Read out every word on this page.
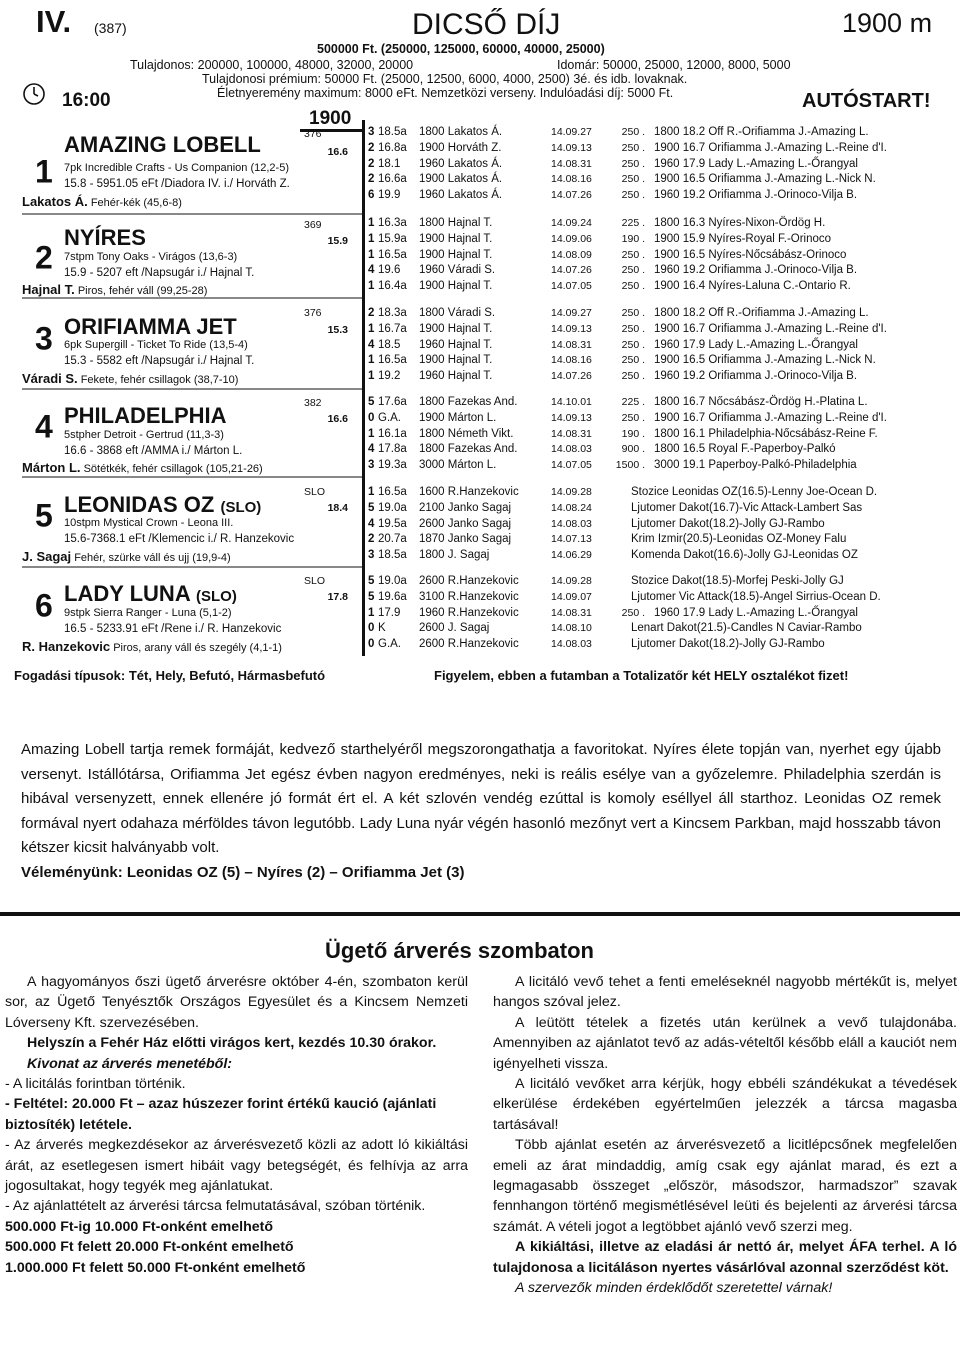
IV. (387)	DICSŐ DÍJ	1900 m
500000 Ft. (250000, 125000, 60000, 40000, 25000)
Tulajdonos: 200000, 100000, 48000, 32000, 20000	Idomár: 50000, 25000, 12000, 8000, 5000
Tulajdonosi prémium: 50000 Ft. (25000, 12500, 6000, 4000, 2500) 3é. és idb. lovaknak.
Életnyeremény maximum: 8000 eFt. Nemzetközi verseny. Indulóadási díj: 5000 Ft.
16:00	AUTÓSTART!
1900
1
376
AMAZING LOBELL	16.6
7pk Incredible Crafts - Us Companion (12,2-5)
15.8 - 5951.05 eFt /Diadora IV. i./ Horváth Z.
Lakatos Á. Fehér-kék (45,6-8)
2
369
NYÍRES	15.9
7stpm Tony Oaks - Virágos (13,6-3)
15.9 - 5207 eft /Napsugár i./ Hajnal T.
Hajnal T. Piros, fehér váll (99,25-28)
3
376
ORIFIAMMA JET	15.3
6pk Supergill - Ticket To Ride (13,5-4)
15.3 - 5582 eft /Napsugár i./ Hajnal T.
Váradi S. Fekete, fehér csillagok (38,7-10)
4
382
PHILADELPHIA	16.6
5stpher Detroit - Gertrud (11,3-3)
16.6 - 3868 eft /AMMA i./ Márton L.
Márton L. Sötétkék, fehér csillagok (105,21-26)
5
SLO
LEONIDAS OZ (SLO)	18.4
10stpm Mystical Crown - Leona III.
15.6-7368.1 eFt /Klemencic i./ R. Hanzekovic
J. Sagaj Fehér, szürke váll és ujj (19,9-4)
6
SLO
LADY LUNA (SLO)	17.8
9stpk Sierra Ranger - Luna (5,1-2)
16.5 - 5233.91 eFt /Rene i./ R. Hanzekovic
R. Hanzekovic Piros, arany váll és szegély (4,1-1)
3 18.5a 1800 Lakatos Á.	14.09.27	250 . 1800 18.2 Off R.-Orifiamma J.-Amazing L.
2 16.8a 1900 Horváth Z.	14.09.13	250 . 1900 16.7 Orifiamma J.-Amazing L.-Reine d'I.
2 18.1 1960 Lakatos Á.	14.08.31	250 . 1960 17.9 Lady L.-Amazing L.-Őrangyal
2 16.6a 1900 Lakatos Á.	14.08.16	250 . 1900 16.5 Orifiamma J.-Amazing L.-Nick N.
6 19.9 1960 Lakatos Á.	14.07.26	250 . 1960 19.2 Orifiamma J.-Orinoco-Vilja B.
1 16.3a 1800 Hajnal T.	14.09.24	225 . 1800 16.3 Nyíres-Nixon-Ördög H.
1 15.9a 1900 Hajnal T.	14.09.06	190 . 1900 15.9 Nyíres-Royal F.-Orinoco
1 16.5a 1900 Hajnal T.	14.08.09	250 . 1900 16.5 Nyíres-Nőcsábász-Orinoco
4 19.6 1960 Váradi S.	14.07.26	250 . 1960 19.2 Orifiamma J.-Orinoco-Vilja B.
1 16.4a 1900 Hajnal T.	14.07.05	250 . 1900 16.4 Nyíres-Laluna C.-Ontario R.
2 18.3a 1800 Váradi S.	14.09.27	250 . 1800 18.2 Off R.-Orifiamma J.-Amazing L.
1 16.7a 1900 Hajnal T.	14.09.13	250 . 1900 16.7 Orifiamma J.-Amazing L.-Reine d'I.
4 18.5 1960 Hajnal T.	14.08.31	250 . 1960 17.9 Lady L.-Amazing L.-Őrangyal
1 16.5a 1900 Hajnal T.	14.08.16	250 . 1900 16.5 Orifiamma J.-Amazing L.-Nick N.
1 19.2 1960 Hajnal T.	14.07.26	250 . 1960 19.2 Orifiamma J.-Orinoco-Vilja B.
5 17.6a 1800 Fazekas And.	14.10.01	225 . 1800 16.7 Nőcsábász-Ördög H.-Platina L.
0 G.A. 1900 Márton L.	14.09.13	250 . 1900 16.7 Orifiamma J.-Amazing L.-Reine d'I.
1 16.1a 1800 Németh Vikt.	14.08.31	190 . 1800 16.1 Philadelphia-Nőcsábász-Reine F.
4 17.8a 1800 Fazekas And.	14.08.03	900 . 1800 16.5 Royal F.-Paperboy-Palkó
3 19.3a 3000 Márton L.	14.07.05	1500 . 3000 19.1 Paperboy-Palkó-Philadelphia
1 16.5a 1600 R.Hanzekovic	14.09.28	Stozice Leonidas OZ(16.5)-Lenny Joe-Ocean D.
5 19.0a 2100 Janko Sagaj	14.08.24	Ljutomer Dakot(16.7)-Vic Attack-Lambert Sas
4 19.5a 2600 Janko Sagaj	14.08.03	Ljutomer Dakot(18.2)-Jolly GJ-Rambo
2 20.7a 1870 Janko Sagaj	14.07.13	Krim Izmir(20.5)-Leonidas OZ-Money Falu
3 18.5a 1800 J. Sagaj	14.06.29	Komenda Dakot(16.6)-Jolly GJ-Leonidas OZ
5 19.0a 2600 R.Hanzekovic	14.09.28	Stozice Dakot(18.5)-Morfej Peski-Jolly GJ
5 19.6a 3100 R.Hanzekovic	14.09.07	Ljutomer Vic Attack(18.5)-Angel Sirrius-Ocean D.
1 17.9 1960 R.Hanzekovic	14.08.31	250 . 1960 17.9 Lady L.-Amazing L.-Őrangyal
0 K	2600 J. Sagaj	14.08.10	Lenart Dakot(21.5)-Candles N Caviar-Rambo
0 G.A. 2600 R.Hanzekovic	14.08.03	Ljutomer Dakot(18.2)-Jolly GJ-Rambo
Fogadási típusok: Tét, Hely, Befutó, Hármasbefutó	Figyelem, ebben a futamban a Totalizatőr két HELY osztalékot fizet!

Amazing Lobell tartja remek formáját, kedvező starthelyéről megszorongathatja a favoritokat. Nyíres élete topján van, nyerhet egy újabb versenyt. Istállótársa, Orifiamma Jet egész évben nagyon eredményes, neki is reális esélye van a győzelemre. Philadelphia szerdán is hibával versenyzett, ennek ellenére jó formát ért el. A két szlovén vendég ezúttal is komoly eséllyel áll starthoz. Leonidas OZ remek formával nyert odahaza mérföldes távon legutóbb. Lady Luna nyár végén hasonló mezőnyt vert a Kincsem Parkban, majd hosszabb távon kétszer kicsit halványabb volt.

Véleményünk: Leonidas OZ (5) – Nyíres (2) – Orifiamma Jet (3)

Ügető árverés szombaton

A hagyományos őszi ügető árverésre október 4-én, szombaton kerül sor, az Ügető Tenyésztők Országos Egyesület és a Kincsem Nemzeti Lóverseny Kft. szervezésében.

Helyszín a Fehér Ház előtti virágos kert, kezdés 10.30 órakor.

Kivonat az árverés menetéből:

- A licitálás forintban történik.

- Feltétel: 20.000 Ft – azaz húszezer forint értékű kaució (ajánlati biztosíték) letétele.

- Az árverés megkezdésekor az árverésvezető közli az adott ló kikiáltási árát, az esetlegesen ismert hibáit vagy betegségét, és felhívja az arra jogosultakat, hogy tegyék meg ajánlatukat.

- Az ajánlattételt az árverési tárcsa felmutatásával, szóban történik.

500.000 Ft-ig 10.000 Ft-onként emelhető

500.000 Ft felett 20.000 Ft-onként emelhető

1.000.000 Ft felett 50.000 Ft-onként emelhető

A licitáló vevő tehet a fenti emeléseknél nagyobb mértékűt is, melyet hangos szóval jelez.

A leütött tételek a fizetés után kerülnek a vevő tulajdonába. Amennyiben az ajánlatot tevő az adás-vételtől később eláll a kauciót nem igényelheti vissza.

A licitáló vevőket arra kérjük, hogy ebbéli szándékukat a tévedések elkerülése érdekében egyértelműen jelezzék a tárcsa magasba tartásával!

Több ajánlat esetén az árverésvezető a licitlépcsőnek megfelelően emeli az árat mindaddig, amíg csak egy ajánlat marad, és ezt a legmagasabb összeget „először, másodszor, harmadszor” szavak fennhangon történő megismétlésével leüti és bejelenti az árverési tárcsa számát. A vételi jogot a legtöbbet ajánló vevő szerzi meg.

A kikiáltási, illetve az eladási ár nettó ár, melyet ÁFA terhel. A ló tulajdonosa a licitáláson nyertes vásárlóval azonnal szerződést köt.

A szervezők minden érdeklődőt szeretettel várnak!
